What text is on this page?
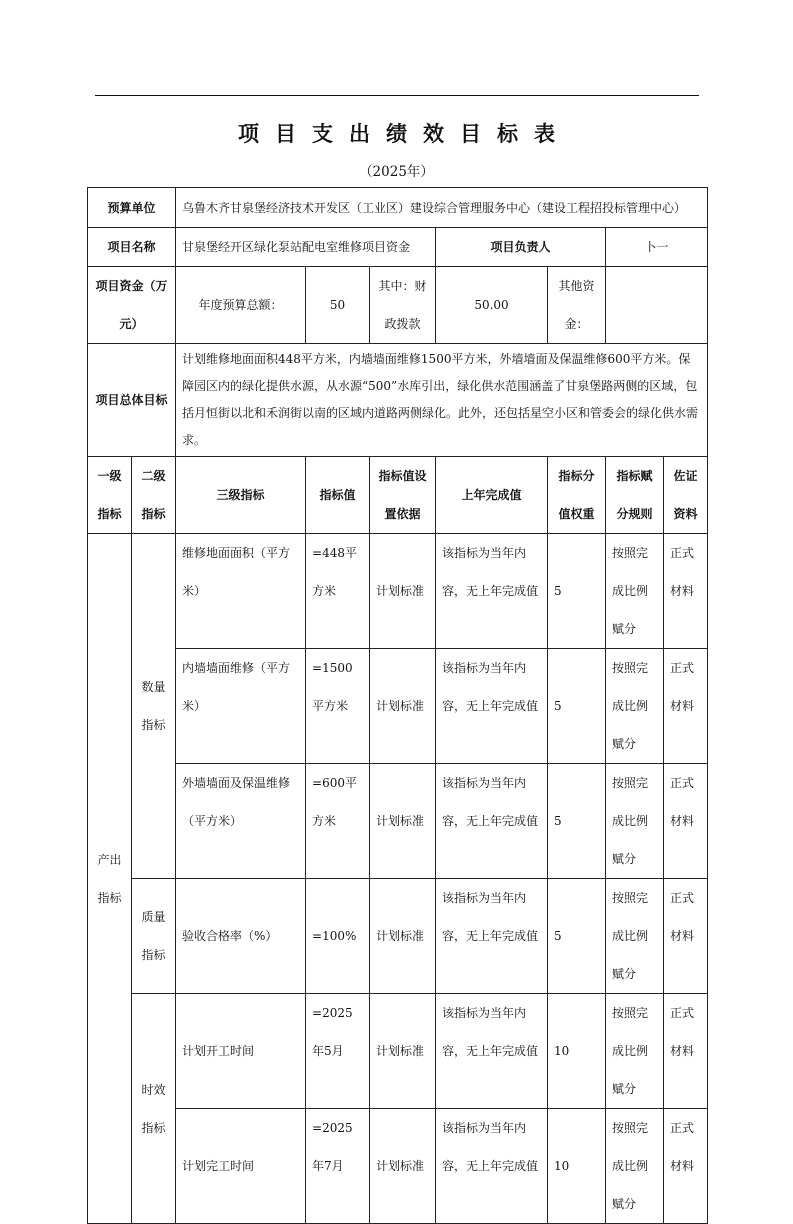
项目支出绩效目标表
（2025年）
预算单位		乌鲁木齐甘泉堡经济技术开发区（工业区）建设综合管理服务中心（建设工程招投标管理中心）						
项目名称		甘泉堡经开区绿化泵站配电室维修项目资金			项目负责人		卜一	
项目资金（万元）		年度预算总额：	50	其中：财政拨款	50.00	其他资金：		
项目总体目标		计划维修地面面积448平方米，内墙墙面维修1500平方米，外墙墙面及保温维修600平方米。保障园区内的绿化提供水源，从水源“500”水库引出，绿化供水范围涵盖了甘泉堡路两侧的区域，包括月恒街以北和禾润街以南的区域内道路两侧绿化。此外，还包括星空小区和管委会的绿化供水需求。						
一级指标	二级指标	三级指标	指标值	指标值设置依据	上年完成值	指标分值权重	指标赋分规则	佐证资料
产出指标	数量指标	维修地面面积（平方米）	=448平方米	计划标准	该指标为当年内容，无上年完成值	5	按照完成比例赋分	正式材料
		内墙墙面维修（平方米）	=1500平方米	计划标准	该指标为当年内容，无上年完成值	5	按照完成比例赋分	正式材料
		外墙墙面及保温维修（平方米）	=600平方米	计划标准	该指标为当年内容，无上年完成值	5	按照完成比例赋分	正式材料
	质量指标	验收合格率（%）	=100%	计划标准	该指标为当年内容，无上年完成值	5	按照完成比例赋分	正式材料
	时效指标	计划开工时间	=2025年5月	计划标准	该指标为当年内容，无上年完成值	10	按照完成比例赋分	正式材料
		计划完工时间	=2025年7月	计划标准	该指标为当年内容，无上年完成值	10	按照完成比例赋分	正式材料
